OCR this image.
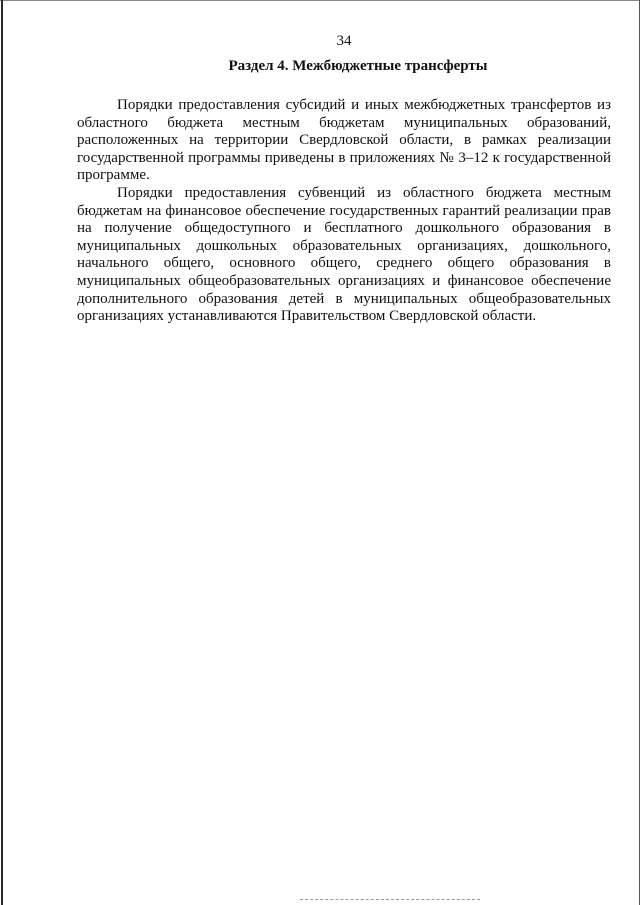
34
Раздел 4. Межбюджетные трансферты

Порядки предоставления субсидий и иных межбюджетных трансфертов из областного бюджета местным бюджетам муниципальных образований, расположенных на территории Свердловской области, в рамках реализации государственной программы приведены в приложениях № 3–12 к государственной программе.

Порядки предоставления субвенций из областного бюджета местным бюджетам на финансовое обеспечение государственных гарантий реализации прав на получение общедоступного и бесплатного дошкольного образования в муниципальных дошкольных образовательных организациях, дошкольного, начального общего, основного общего, среднего общего образования в муниципальных общеобразовательных организациях и финансовое обеспечение дополнительного образования детей в муниципальных общеобразовательных организациях устанавливаются Правительством Свердловской области.
